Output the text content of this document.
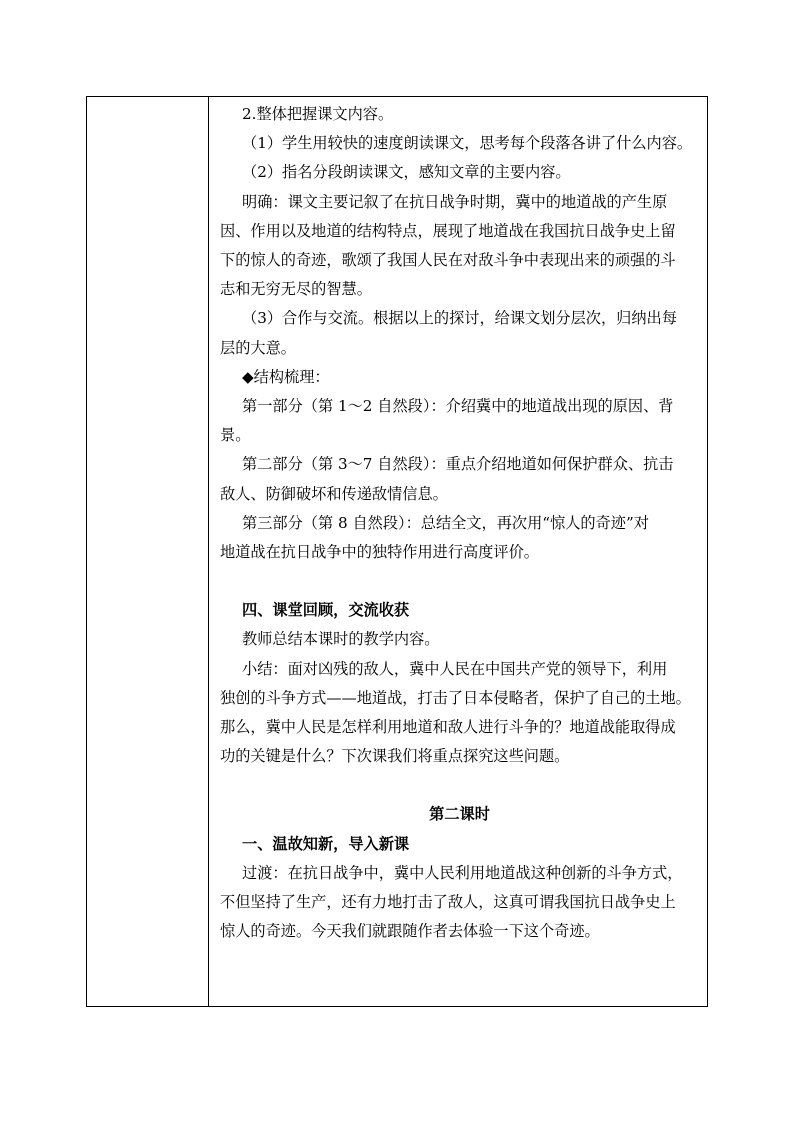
2.整体把握课文内容。

（1）学生用较快的速度朗读课文，思考每个段落各讲了什么内容。

（2）指名分段朗读课文，感知文章的主要内容。

明确：课文主要记叙了在抗日战争时期，冀中的地道战的产生原
因、作用以及地道的结构特点，展现了地道战在我国抗日战争史上留
下的惊人的奇迹，歌颂了我国人民在对敌斗争中表现出来的顽强的斗
志和无穷无尽的智慧。

（3）合作与交流。根据以上的探讨，给课文划分层次，归纳出每
层的大意。

◆结构梳理：

第一部分（第 1～2 自然段）：介绍冀中的地道战出现的原因、背
景。

第二部分（第 3～7 自然段）：重点介绍地道如何保护群众、抗击
敌人、防御破坏和传递敌情信息。

第三部分（第 8 自然段）：总结全文，再次用“惊人的奇迹”对
地道战在抗日战争中的独特作用进行高度评价。

四、课堂回顾，交流收获

教师总结本课时的教学内容。

小结：面对凶残的敌人，冀中人民在中国共产党的领导下，利用
独创的斗争方式——地道战，打击了日本侵略者，保护了自己的土地。
那么，冀中人民是怎样利用地道和敌人进行斗争的？地道战能取得成
功的关键是什么？下次课我们将重点探究这些问题。

第二课时

一、温故知新，导入新课

过渡：在抗日战争中，冀中人民利用地道战这种创新的斗争方式，
不但坚持了生产，还有力地打击了敌人，这真可谓我国抗日战争史上
惊人的奇迹。今天我们就跟随作者去体验一下这个奇迹。
